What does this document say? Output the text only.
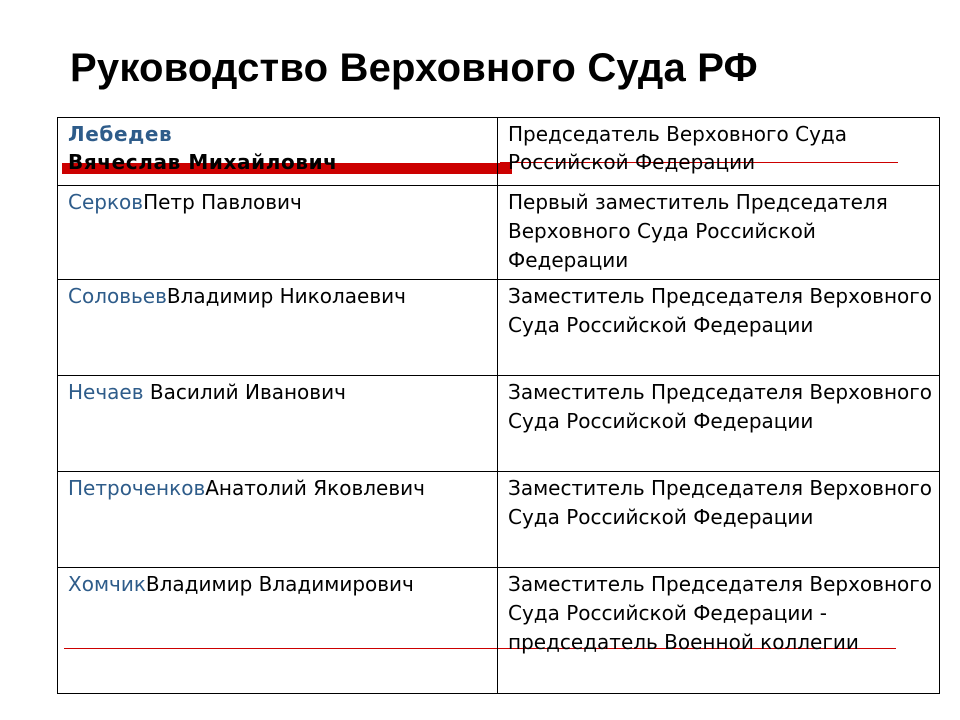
Руководство Верховного Суда РФ
Лебедев
Вячеслав Михайлович	Председатель Верховного Суда Российской Федерации
СерковПетр Павлович	Первый заместитель Председателя Верховного Суда Российской Федерации
СоловьевВладимир Николаевич	Заместитель Председателя Верховного Суда Российской Федерации
Нечаев Василий Иванович	Заместитель Председателя Верховного Суда Российской Федерации
ПетроченковАнатолий Яковлевич	Заместитель Председателя Верховного Суда Российской Федерации
ХомчикВладимир Владимирович	Заместитель Председателя Верховного Суда Российской Федерации - председатель Военной коллегии
